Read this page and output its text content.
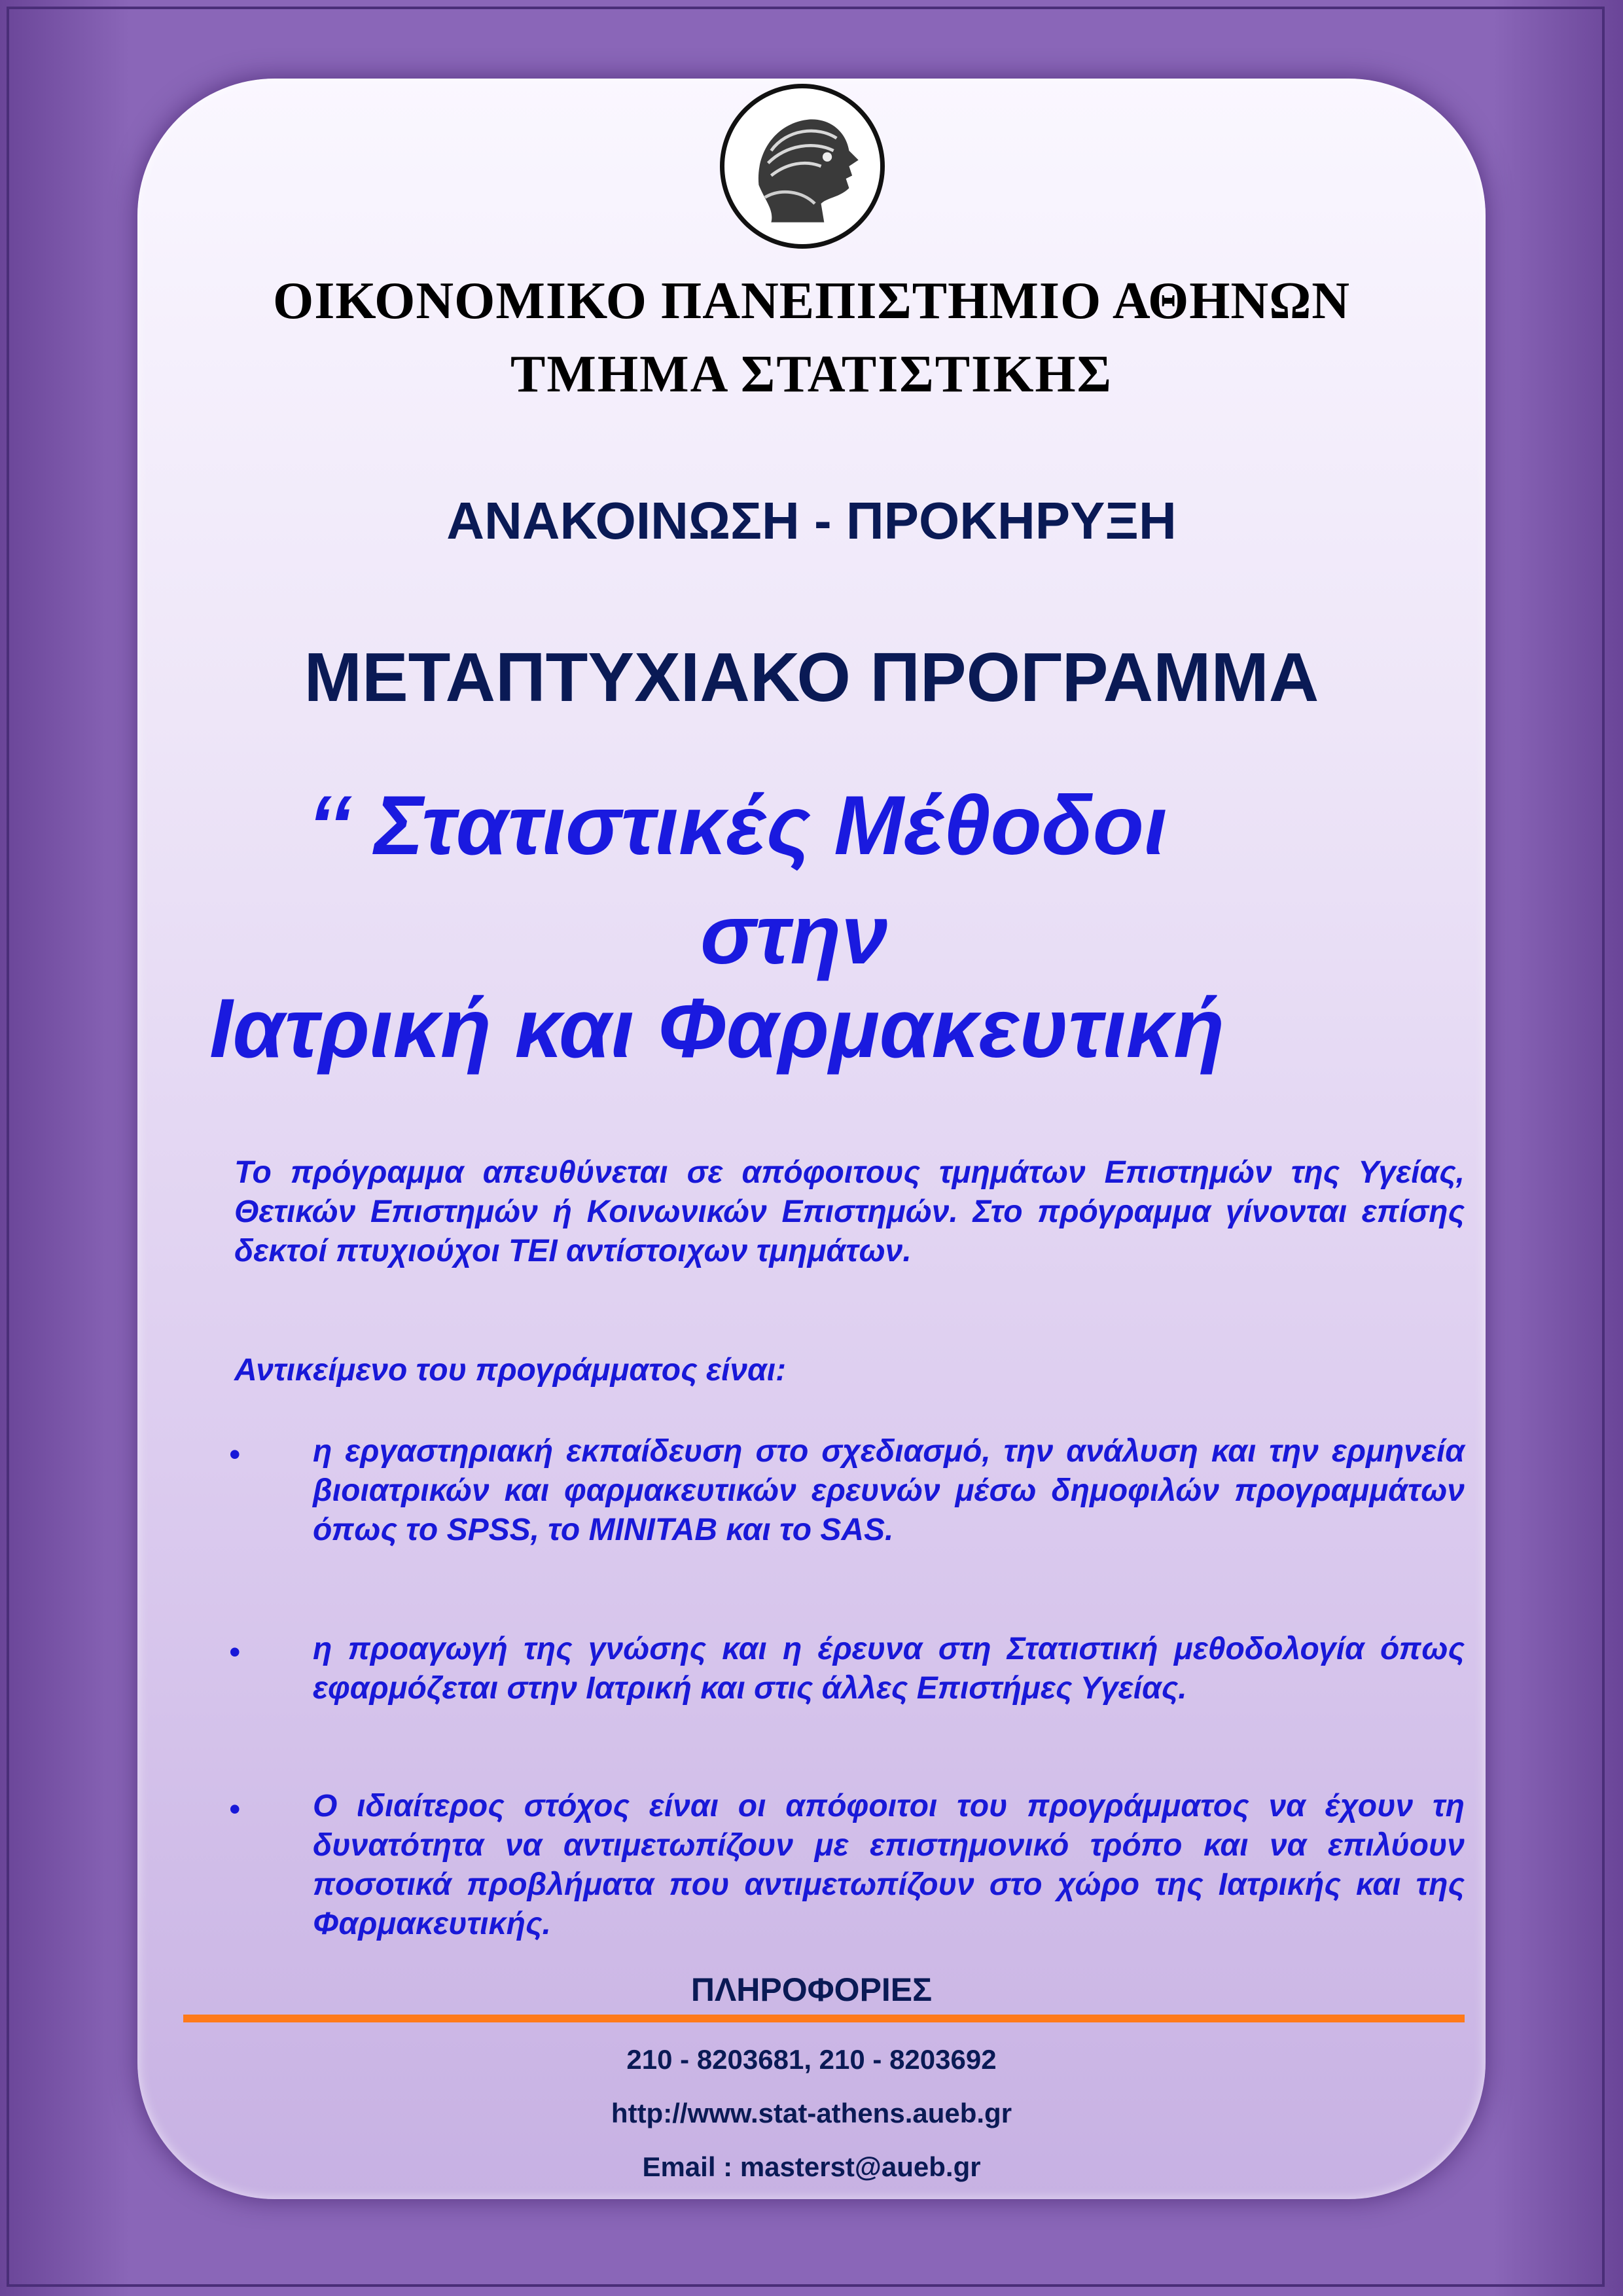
ΟΙΚΟΝΟΜΙΚΟ ΠΑΝΕΠΙΣΤΗΜΙΟ ΑΘΗΝΩΝ
ΤΜΗΜΑ ΣΤΑΤΙΣΤΙΚΗΣ
ΑΝΑΚΟΙΝΩΣΗ - ΠΡΟΚΗΡΥΞΗ
ΜΕΤΑΠΤΥΧΙΑΚΟ ΠΡΟΓΡΑΜΜΑ
‘‘ Στατιστικές Μέθοδοι
στην
Ιατρική και Φαρμακευτική
Το πρόγραμμα απευθύνεται σε απόφοιτους τμημάτων Επιστημών της Υγείας, Θετικών Επιστημών ή Κοινωνικών Επιστημών. Στο πρόγραμμα γίνονται επίσης δεκτοί πτυχιούχοι ΤΕΙ αντίστοιχων τμημάτων.
Αντικείμενο του προγράμματος είναι:
• η εργαστηριακή εκπαίδευση στο σχεδιασμό, την ανάλυση και την ερμηνεία βιοιατρικών και φαρμακευτικών ερευνών μέσω δημοφιλών προγραμμάτων όπως το SPSS, το MINITAB και το SAS.
• η προαγωγή της γνώσης και η έρευνα στη Στατιστική μεθοδολογία όπως εφαρμόζεται στην Ιατρική και στις άλλες Επιστήμες Υγείας.
• Ο ιδιαίτερος στόχος είναι οι απόφοιτοι του προγράμματος να έχουν τη δυνατότητα να αντιμετωπίζουν με επιστημονικό τρόπο και να επιλύουν ποσοτικά προβλήματα που αντιμετωπίζουν στο χώρο της Ιατρικής και της Φαρμακευτικής.
ΠΛΗΡΟΦΟΡΙΕΣ
210 - 8203681, 210 - 8203692
http://www.stat-athens.aueb.gr
Email : masterst@aueb.gr
